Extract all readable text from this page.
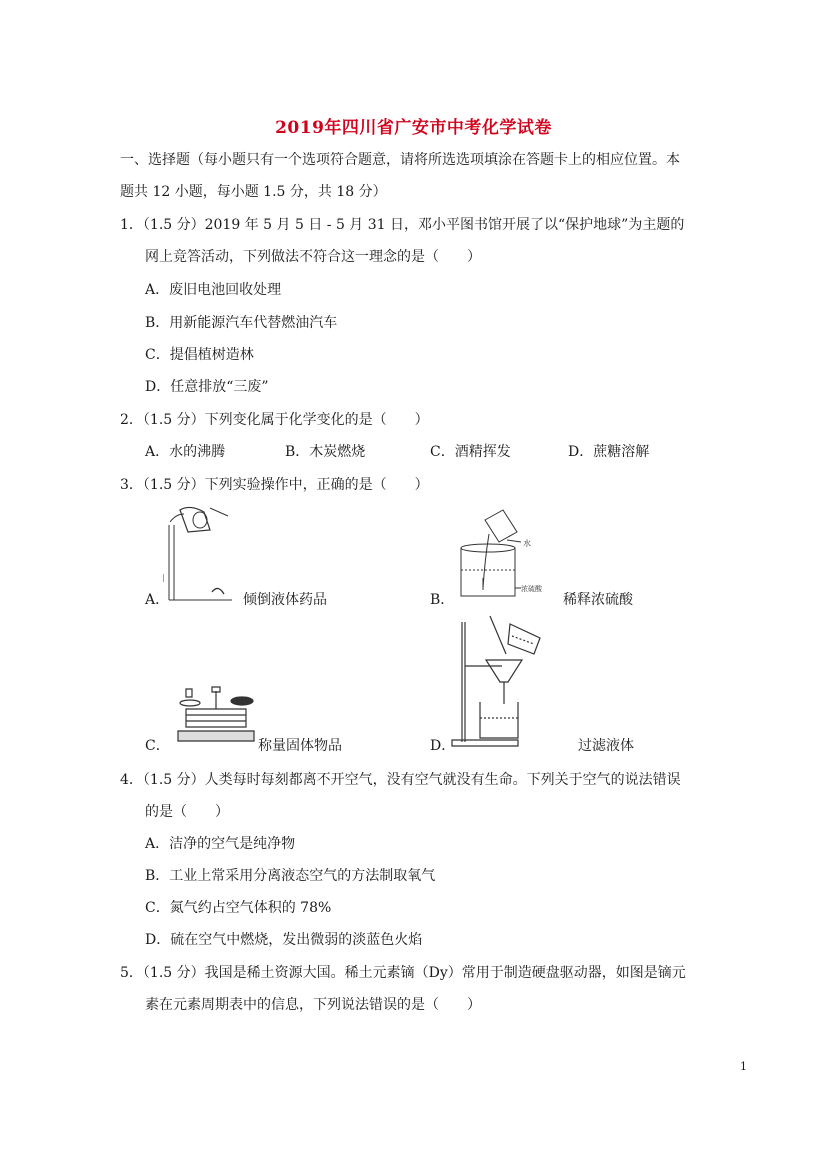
2019年四川省广安市中考化学试卷
一、选择题（每小题只有一个选项符合题意，请将所选选项填涂在答题卡上的相应位置。本
题共 12 小题，每小题 1.5 分，共 18 分）
1．（1.5 分）2019 年 5 月 5 日 - 5 月 31 日，邓小平图书馆开展了以“保护地球”为主题的
网上竞答活动，下列做法不符合这一理念的是（　　）
A．废旧电池回收处理
B．用新能源汽车代替燃油汽车
C．提倡植树造林
D．任意排放“三废”
2．（1.5 分）下列变化属于化学变化的是（　　）
A．水的沸腾	B．木炭燃烧	C．酒精挥发	D．蔗糖溶解
3．（1.5 分）下列实验操作中，正确的是（　　）
|
A．	倾倒液体药品
水
浓硫酸
B．	稀释浓硫酸
C．	称量固体物品	D．	过滤液体
4．（1.5 分）人类每时每刻都离不开空气，没有空气就没有生命。下列关于空气的说法错误
的是（　　）
A．洁净的空气是纯净物
B．工业上常采用分离液态空气的方法制取氧气
C．氮气约占空气体积的 78%
D．硫在空气中燃烧，发出微弱的淡蓝色火焰
5．（1.5 分）我国是稀土资源大国。稀土元素镝（Dy）常用于制造硬盘驱动器，如图是镝元
素在元素周期表中的信息，下列说法错误的是（　　）
1
